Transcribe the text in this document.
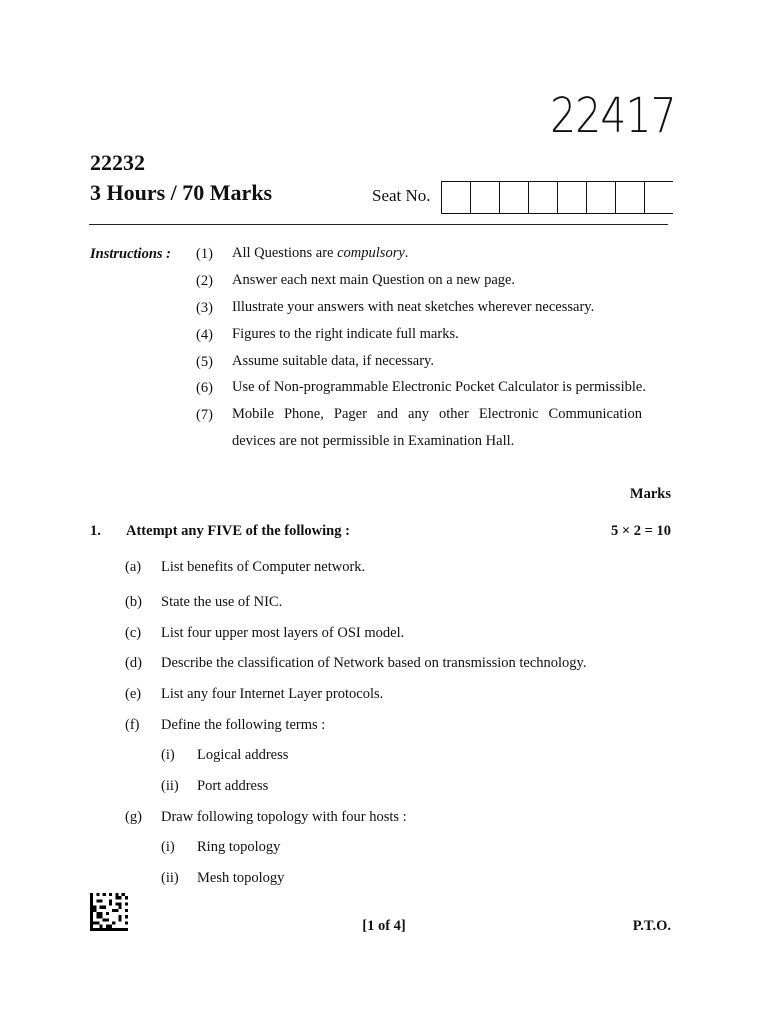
22417
22232
3 Hours / 70 Marks	Seat No.
Instructions : (1) All Questions are compulsory.
(2) Answer each next main Question on a new page.
(3) Illustrate your answers with neat sketches wherever necessary.
(4) Figures to the right indicate full marks.
(5) Assume suitable data, if necessary.
(6) Use of Non-programmable Electronic Pocket Calculator is permissible.
(7) Mobile Phone, Pager and any other Electronic Communication devices are not permissible in Examination Hall.
Marks
1. Attempt any FIVE of the following :	5 × 2 = 10
(a) List benefits of Computer network.
(b) State the use of NIC.
(c) List four upper most layers of OSI model.
(d) Describe the classification of Network based on transmission technology.
(e) List any four Internet Layer protocols.
(f) Define the following terms :
(i) Logical address
(ii) Port address
(g) Draw following topology with four hosts :
(i) Ring topology
(ii) Mesh topology
[1 of 4]	P.T.O.
